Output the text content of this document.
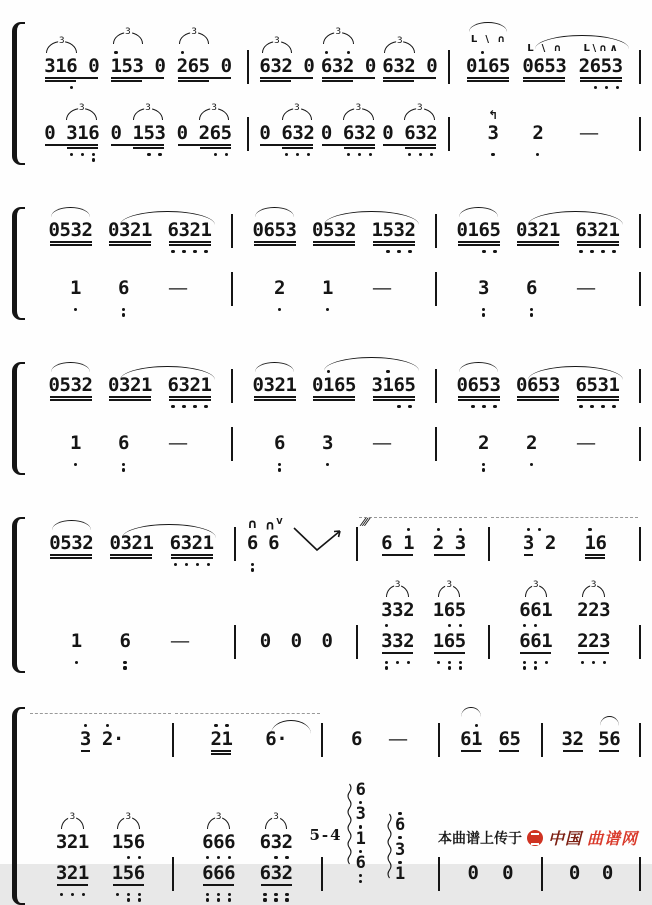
3
3 1 6 0
3
1 5 3 0
3
2 6 5 0
3
6 3 2 0
3
6 3 2 0
3
6 3 2 0
L \ ∩
0 1 6 5
L \ ∩
0 6 5 3
L \ ∩ ∧
2 6 5 3
3
0 3 1 6
3
0 1 5 3
3
0 2 6 5
3
0 6 3 2
3
0 6 3 2
3
0 6 3 2
↰
3 2	—
0 5 3 2 0 3 2 1 6 3 2 1 0 6 5 3 0 5 3 2 1 5 3 2 0 1 6 5 0 3 2 1 6 3 2 1
1 6	—	2 1	—	3 6	—
0 5 3 2 0 3 2 1 6 3 2 1 0 3 2 1 0 1 6 5 3 1 6 5 0 6 5 3 0 6 5 3 6 5 3 1
1 6	—	6 3	—	2 2	—
0 5 3 2 0 3 2 1 6 3 2 1
∩
6
∩$^V$
6
///
6 1 2 3	3 2 1 6
1 6	—	0 0 0
3
3 3 2
3 3 2
3
1 6 5
1 6 5
3
6 6 1
6 6 1
3
2 2 3
2 2 3
3 2 ·	2 1 6 ·	6	—	6 1 6 5 3 2 5 6
3
3 2 1
3 2 1
3
1 5 6
1 5 6
3
6 6 6
6 6 6
3
6 3 2
6 3 2
6
3
1
6
6
3
1	0 0	0 0
5-4	本曲谱上传于 中国 曲谱网
